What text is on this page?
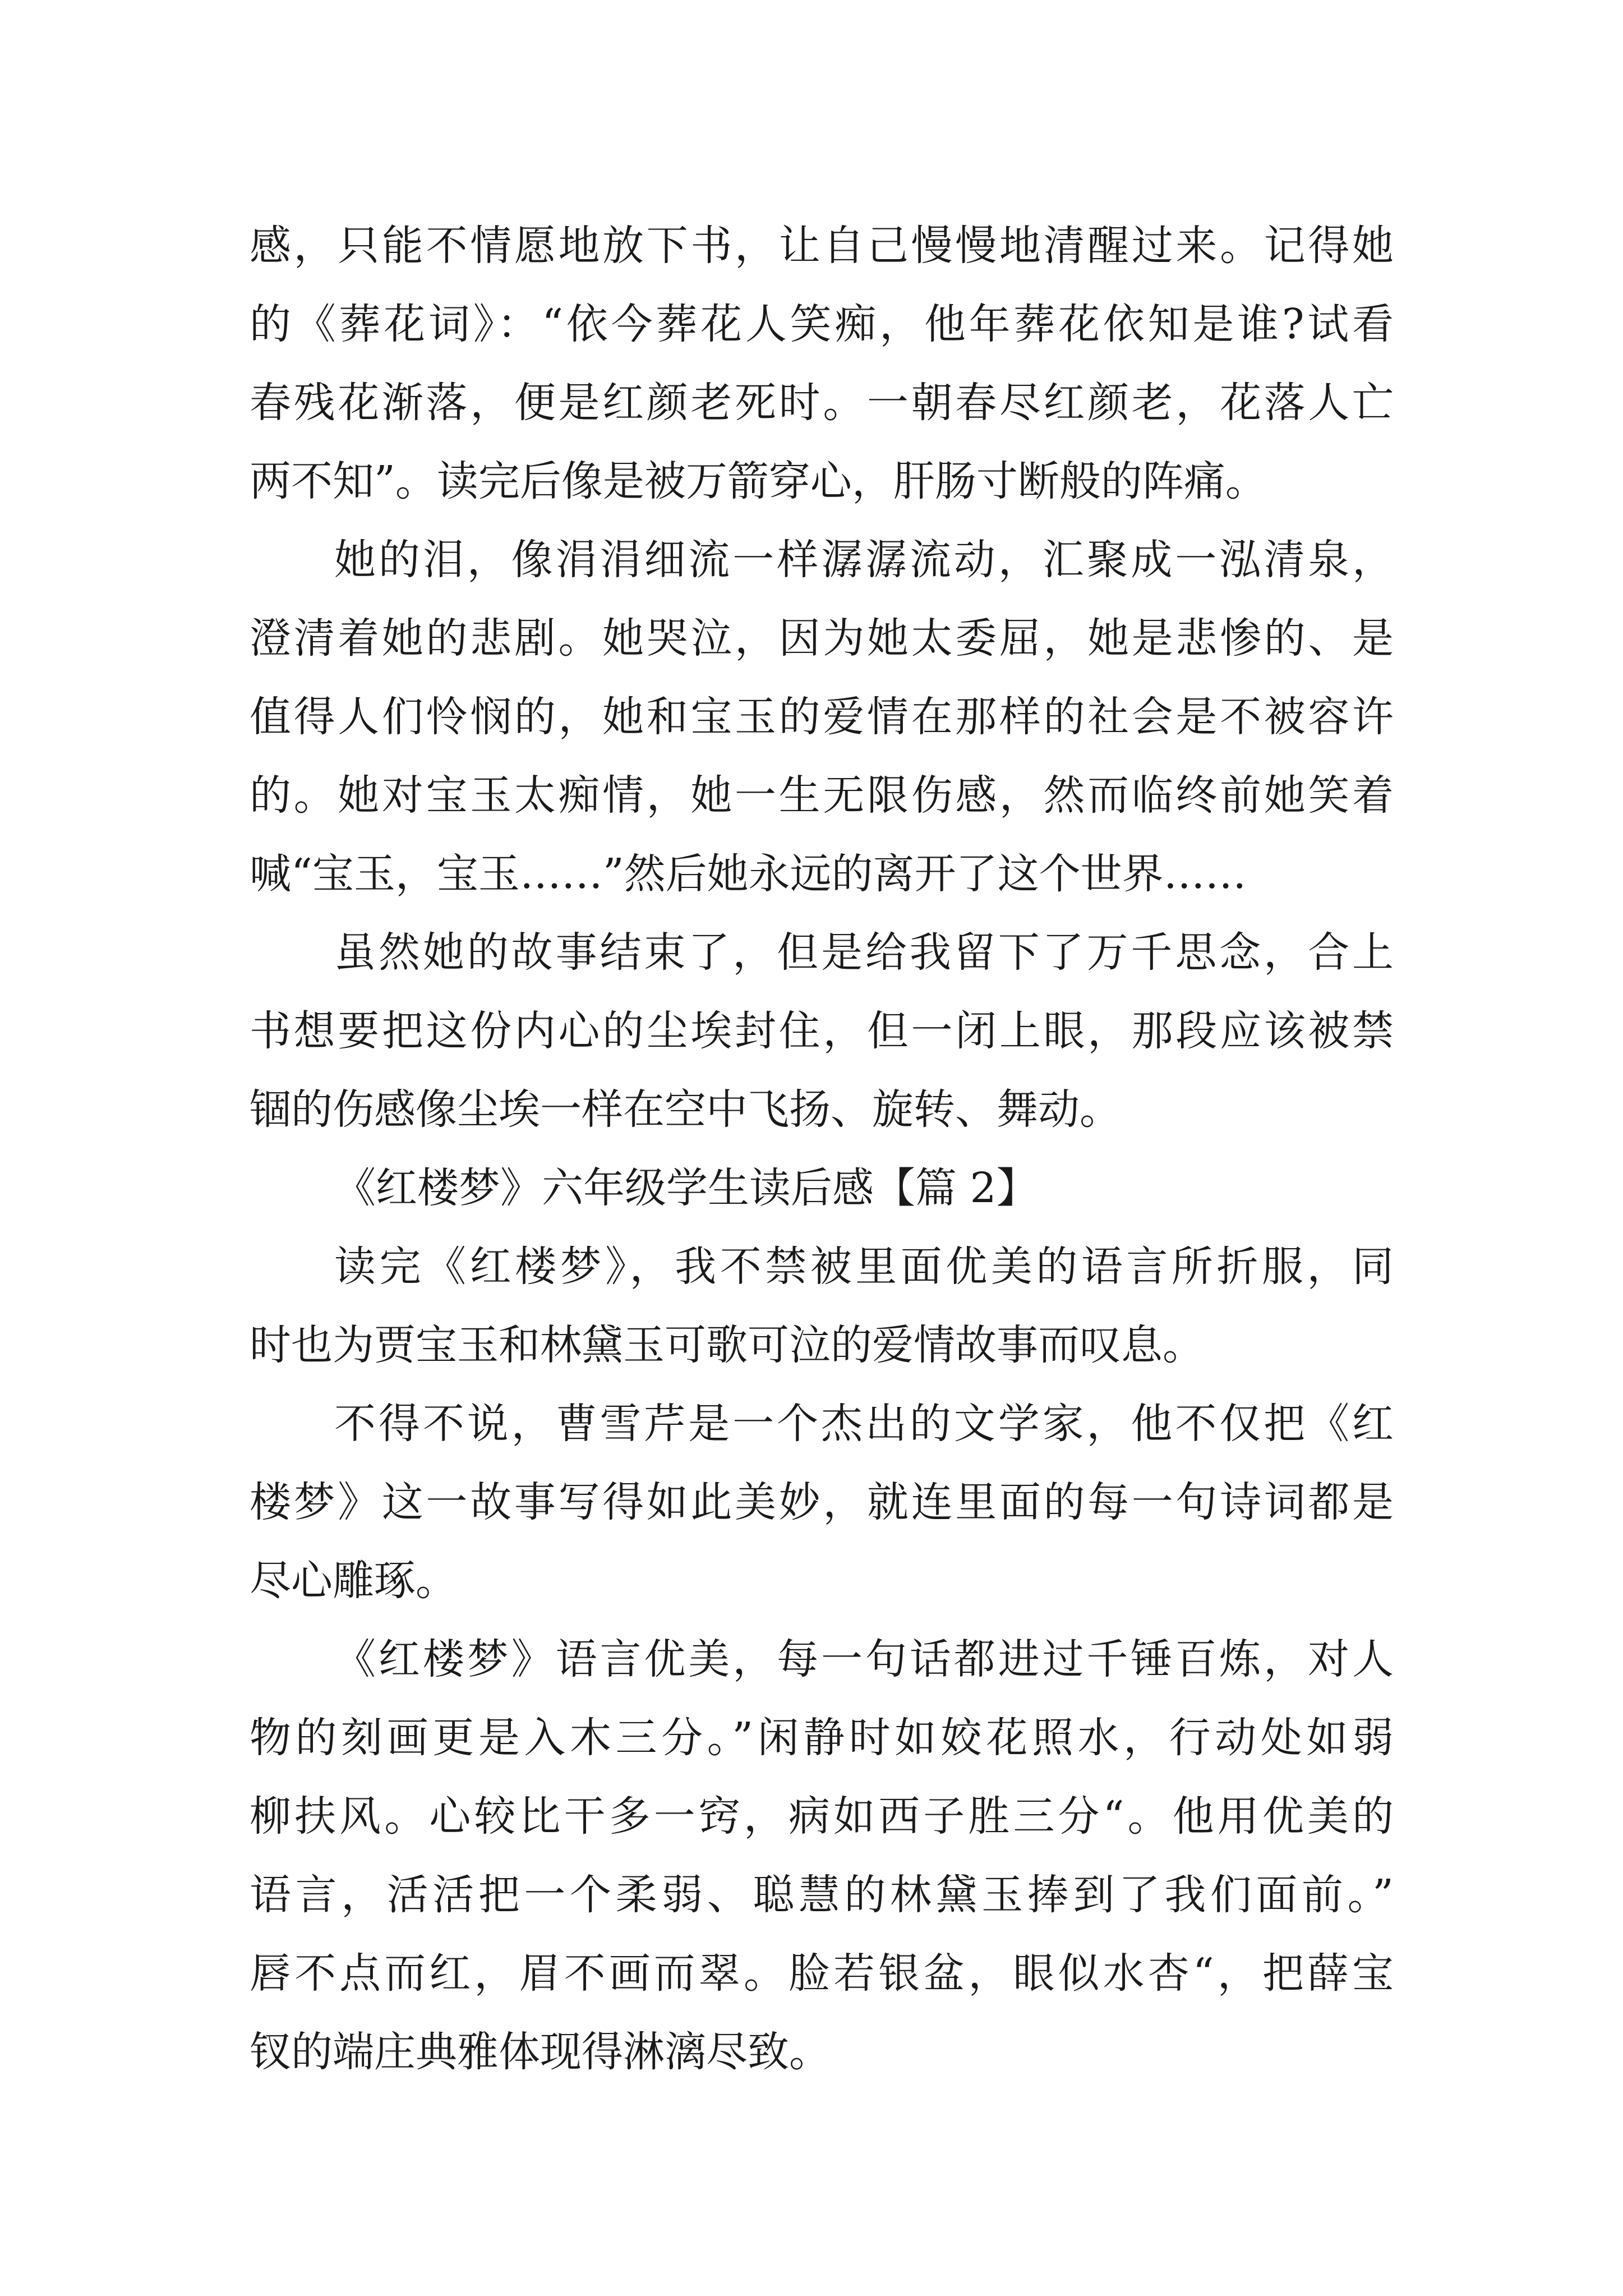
感，只能不情愿地放下书，让自己慢慢地清醒过来。记得她
的《葬花词》：“依今葬花人笑痴，他年葬花依知是谁?试看
春残花渐落，便是红颜老死时。一朝春尽红颜老，花落人亡
两不知”。读完后像是被万箭穿心，肝肠寸断般的阵痛。
她的泪，像涓涓细流一样潺潺流动，汇聚成一泓清泉，
澄清着她的悲剧。她哭泣，因为她太委屈，她是悲惨的、是
值得人们怜悯的，她和宝玉的爱情在那样的社会是不被容许
的。她对宝玉太痴情，她一生无限伤感，然而临终前她笑着
喊“宝玉，宝玉……”然后她永远的离开了这个世界……
虽然她的故事结束了，但是给我留下了万千思念，合上
书想要把这份内心的尘埃封住，但一闭上眼，那段应该被禁
锢的伤感像尘埃一样在空中飞扬、旋转、舞动。
《红楼梦》六年级学生读后感【篇 2】
读完《红楼梦》，我不禁被里面优美的语言所折服，同
时也为贾宝玉和林黛玉可歌可泣的爱情故事而叹息。
不得不说，曹雪芹是一个杰出的文学家，他不仅把《红
楼梦》这一故事写得如此美妙，就连里面的每一句诗词都是
尽心雕琢。
《红楼梦》语言优美，每一句话都进过千锤百炼，对人
物的刻画更是入木三分。”闲静时如姣花照水，行动处如弱
柳扶风。心较比干多一窍，病如西子胜三分“。他用优美的
语言，活活把一个柔弱、聪慧的林黛玉捧到了我们面前。”
唇不点而红，眉不画而翠。脸若银盆，眼似水杏“，把薛宝
钗的端庄典雅体现得淋漓尽致。
